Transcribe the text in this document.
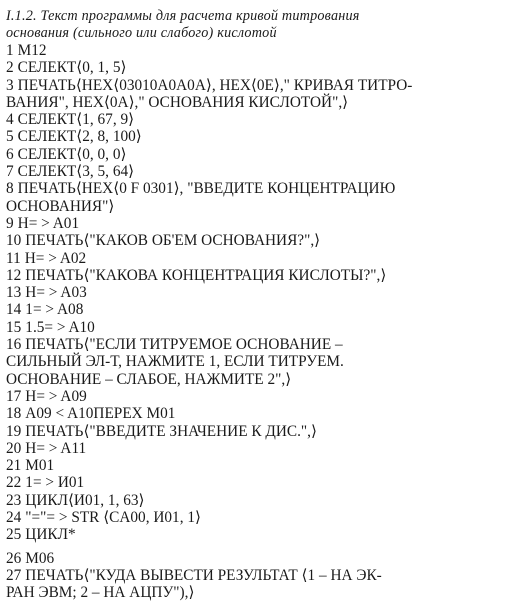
I.1.2. Текст программы для расчета кривой титрования
основания (сильного или слабого) кислотой
1 M12
2 СЕЛЕКТ⟨0, 1, 5⟩
3 ПЕЧАТЬ⟨HEX⟨03010A0A0A⟩, HEX⟨0E⟩," КРИВАЯ ТИТРО-
ВАНИЯ", HEX⟨0A⟩," ОСНОВАНИЯ КИСЛОТОЙ",⟩
4 СЕЛЕКТ⟨1, 67, 9⟩
5 СЕЛЕКТ⟨2, 8, 100⟩
6 СЕЛЕКТ⟨0, 0, 0⟩
7 СЕЛЕКТ⟨3, 5, 64⟩
8 ПЕЧАТЬ⟨HEX⟨0 F 0301⟩, "ВВЕДИТЕ КОНЦЕНТРАЦИЮ
ОСНОВАНИЯ"⟩
9 H= > A01
10 ПЕЧАТЬ⟨"КАКОВ ОБ'ЕМ ОСНОВАНИЯ?",⟩
11 H= > A02
12 ПЕЧАТЬ⟨"КАКОВА КОНЦЕНТРАЦИЯ КИСЛОТЫ?",⟩
13 H= > A03
14 1= > A08
15 1.5= > A10
16 ПЕЧАТЬ⟨"ЕСЛИ ТИТРУЕМОЕ ОСНОВАНИЕ –
СИЛЬНЫЙ ЭЛ-Т, НАЖМИТЕ 1, ЕСЛИ ТИТРУЕМ.
ОСНОВАНИЕ – СЛАБОЕ, НАЖМИТЕ 2",⟩
17 H= > A09
18 A09 < A10ПЕРЕХ M01
19 ПЕЧАТЬ⟨"ВВЕДИТЕ ЗНАЧЕНИЕ К ДИС.",⟩
20 H= > A11
21 M01
22 1= > И01
23 ЦИКЛ⟨И01, 1, 63⟩
24 "="= > STR ⟨CA00, И01, 1⟩
25 ЦИКЛ*
26 M06
27 ПЕЧАТЬ⟨"КУДА ВЫВЕСТИ РЕЗУЛЬТАТ ⟨1 – НА ЭК-
РАН ЭВМ; 2 – НА АЦПУ"),⟩
